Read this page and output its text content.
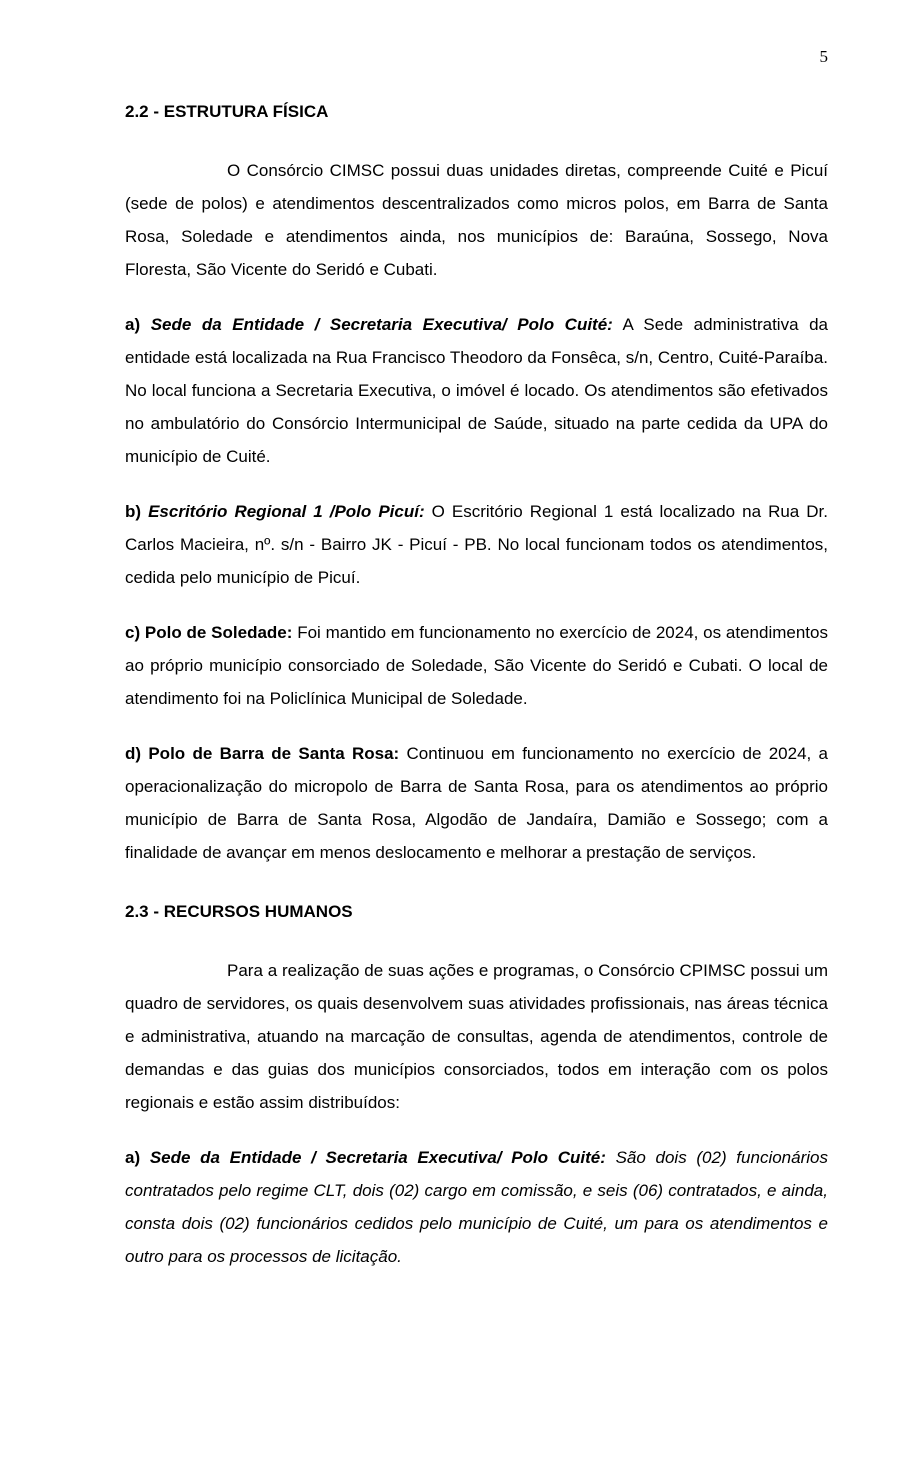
5
2.2 - ESTRUTURA FÍSICA

O Consórcio CIMSC possui duas unidades diretas, compreende Cuité e Picuí (sede de polos) e atendimentos descentralizados como micros polos, em Barra de Santa Rosa, Soledade e atendimentos ainda, nos municípios de: Baraúna, Sossego, Nova Floresta, São Vicente do Seridó e Cubati.

a) Sede da Entidade / Secretaria Executiva/ Polo Cuité: A Sede administrativa da entidade está localizada na Rua Francisco Theodoro da Fonsêca, s/n, Centro, Cuité-Paraíba. No local funciona a Secretaria Executiva, o imóvel é locado. Os atendimentos são efetivados no ambulatório do Consórcio Intermunicipal de Saúde, situado na parte cedida da UPA do município de Cuité.

b) Escritório Regional 1 /Polo Picuí: O Escritório Regional 1 está localizado na Rua Dr. Carlos Macieira, nº. s/n - Bairro JK - Picuí - PB. No local funcionam todos os atendimentos, cedida pelo município de Picuí.

c) Polo de Soledade: Foi mantido em funcionamento no exercício de 2024, os atendimentos ao próprio município consorciado de Soledade, São Vicente do Seridó e Cubati. O local de atendimento foi na Policlínica Municipal de Soledade.

d) Polo de Barra de Santa Rosa: Continuou em funcionamento no exercício de 2024, a operacionalização do micropolo de Barra de Santa Rosa, para os atendimentos ao próprio município de Barra de Santa Rosa, Algodão de Jandaíra, Damião e Sossego; com a finalidade de avançar em menos deslocamento e melhorar a prestação de serviços.

2.3 - RECURSOS HUMANOS

Para a realização de suas ações e programas, o Consórcio CPIMSC possui um quadro de servidores, os quais desenvolvem suas atividades profissionais, nas áreas técnica e administrativa, atuando na marcação de consultas, agenda de atendimentos, controle de demandas e das guias dos municípios consorciados, todos em interação com os polos regionais e estão assim distribuídos:

a) Sede da Entidade / Secretaria Executiva/ Polo Cuité: São dois (02) funcionários contratados pelo regime CLT, dois (02) cargo em comissão, e seis (06) contratados, e ainda, consta dois (02) funcionários cedidos pelo município de Cuité, um para os atendimentos e outro para os processos de licitação.
